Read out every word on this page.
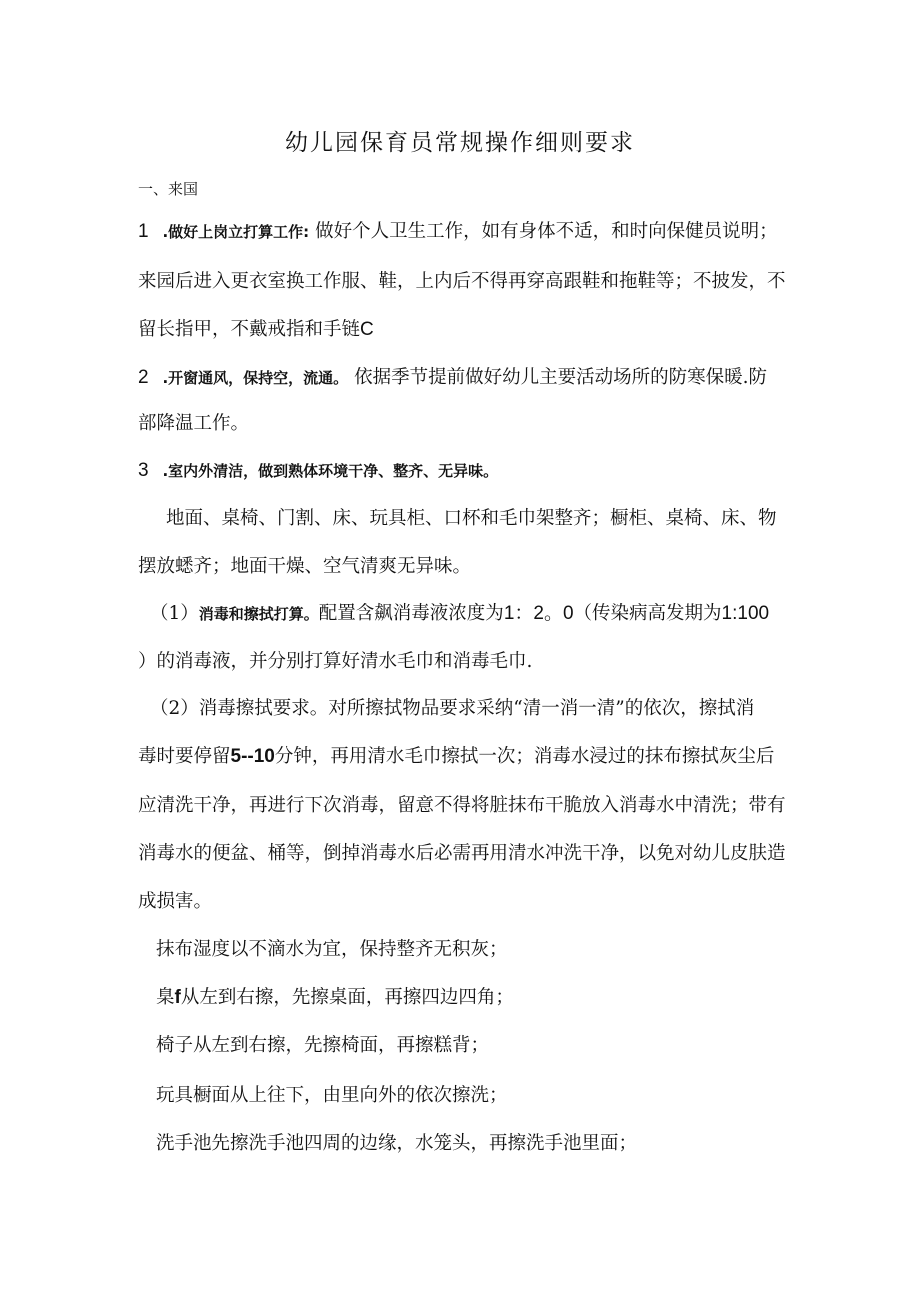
幼儿园保育员常规操作细则要求
一、来国
1 .做好上岗立打算工作: 做好个人卫生工作，如有身体不适，和时向保健员说明；
来园后进入更衣室换工作服、鞋，上内后不得再穿高跟鞋和拖鞋等；不披发，不
留长指甲，不戴戒指和手链C
2 .开窗通风，保持空，流通。 依据季节提前做好幼儿主要活动场所的防寒保暖.防
部降温工作。
3 .室内外清洁，做到熟体环境干净、整齐、无异味。
地面、桌椅、门割、床、玩具柜、口杯和毛巾架整齐；橱柜、桌椅、床、物
摆放蟋齐；地面干燥、空气清爽无异味。
（1）消毒和擦拭打算。配置含飙消毒液浓度为1：2。0（传染病高发期为1:100
）的消毒液，并分别打算好清水毛巾和消毒毛巾.
（2）消毒擦拭要求。对所擦拭物品要求采纳“清一消一清”的依次，擦拭消
毒时要停留5--10分钟，再用清水毛巾擦拭一次；消毒水浸过的抹布擦拭灰尘后
应清洗干净，再进行下次消毒，留意不得将脏抹布干脆放入消毒水中清洗；带有
消毒水的便盆、桶等，倒掉消毒水后必需再用清水冲洗干净，以免对幼儿皮肤造
成损害。
抹布湿度以不滴水为宜，保持整齐无积灰；
臬f从左到右擦，先擦桌面，再擦四边四角；
椅子从左到右擦，先擦椅面，再擦糕背；
玩具橱面从上往下，由里向外的依次擦洗；
洗手池先擦洗手池四周的边缘，水笼头，再擦洗手池里面；
